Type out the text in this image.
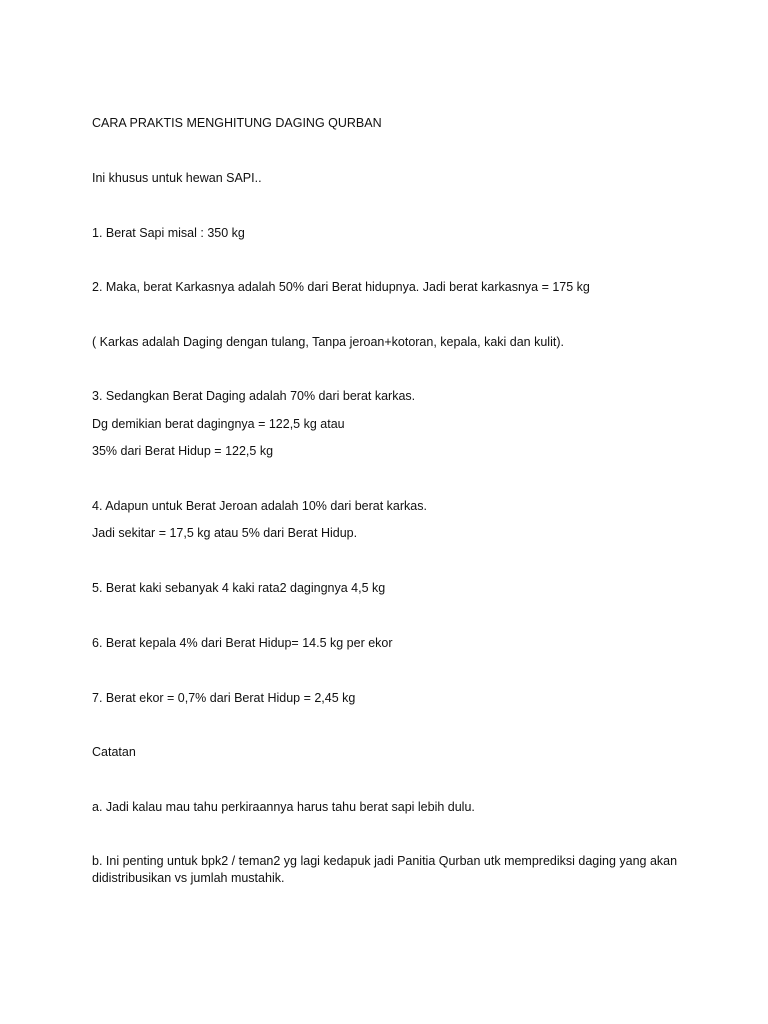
CARA PRAKTIS MENGHITUNG DAGING QURBAN

Ini khusus untuk hewan SAPI..

1. Berat Sapi misal : 350 kg

2. Maka, berat Karkasnya adalah 50% dari Berat hidupnya. Jadi berat karkasnya = 175 kg

( Karkas adalah Daging dengan tulang, Tanpa jeroan+kotoran, kepala, kaki dan kulit).

3. Sedangkan Berat Daging adalah 70% dari berat karkas.

Dg demikian berat dagingnya = 122,5 kg atau

35% dari Berat Hidup = 122,5 kg

4. Adapun untuk Berat Jeroan adalah 10% dari berat karkas.

Jadi sekitar = 17,5 kg atau 5% dari Berat Hidup.

5. Berat kaki sebanyak 4 kaki rata2 dagingnya 4,5 kg

6. Berat kepala 4% dari Berat Hidup= 14.5 kg per ekor

7. Berat ekor = 0,7% dari Berat Hidup = 2,45 kg

Catatan

a. Jadi kalau mau tahu perkiraannya harus tahu berat sapi lebih dulu.

b. Ini penting untuk bpk2 / teman2 yg lagi kedapuk jadi Panitia Qurban utk memprediksi daging yang akan didistribusikan vs jumlah mustahik.
